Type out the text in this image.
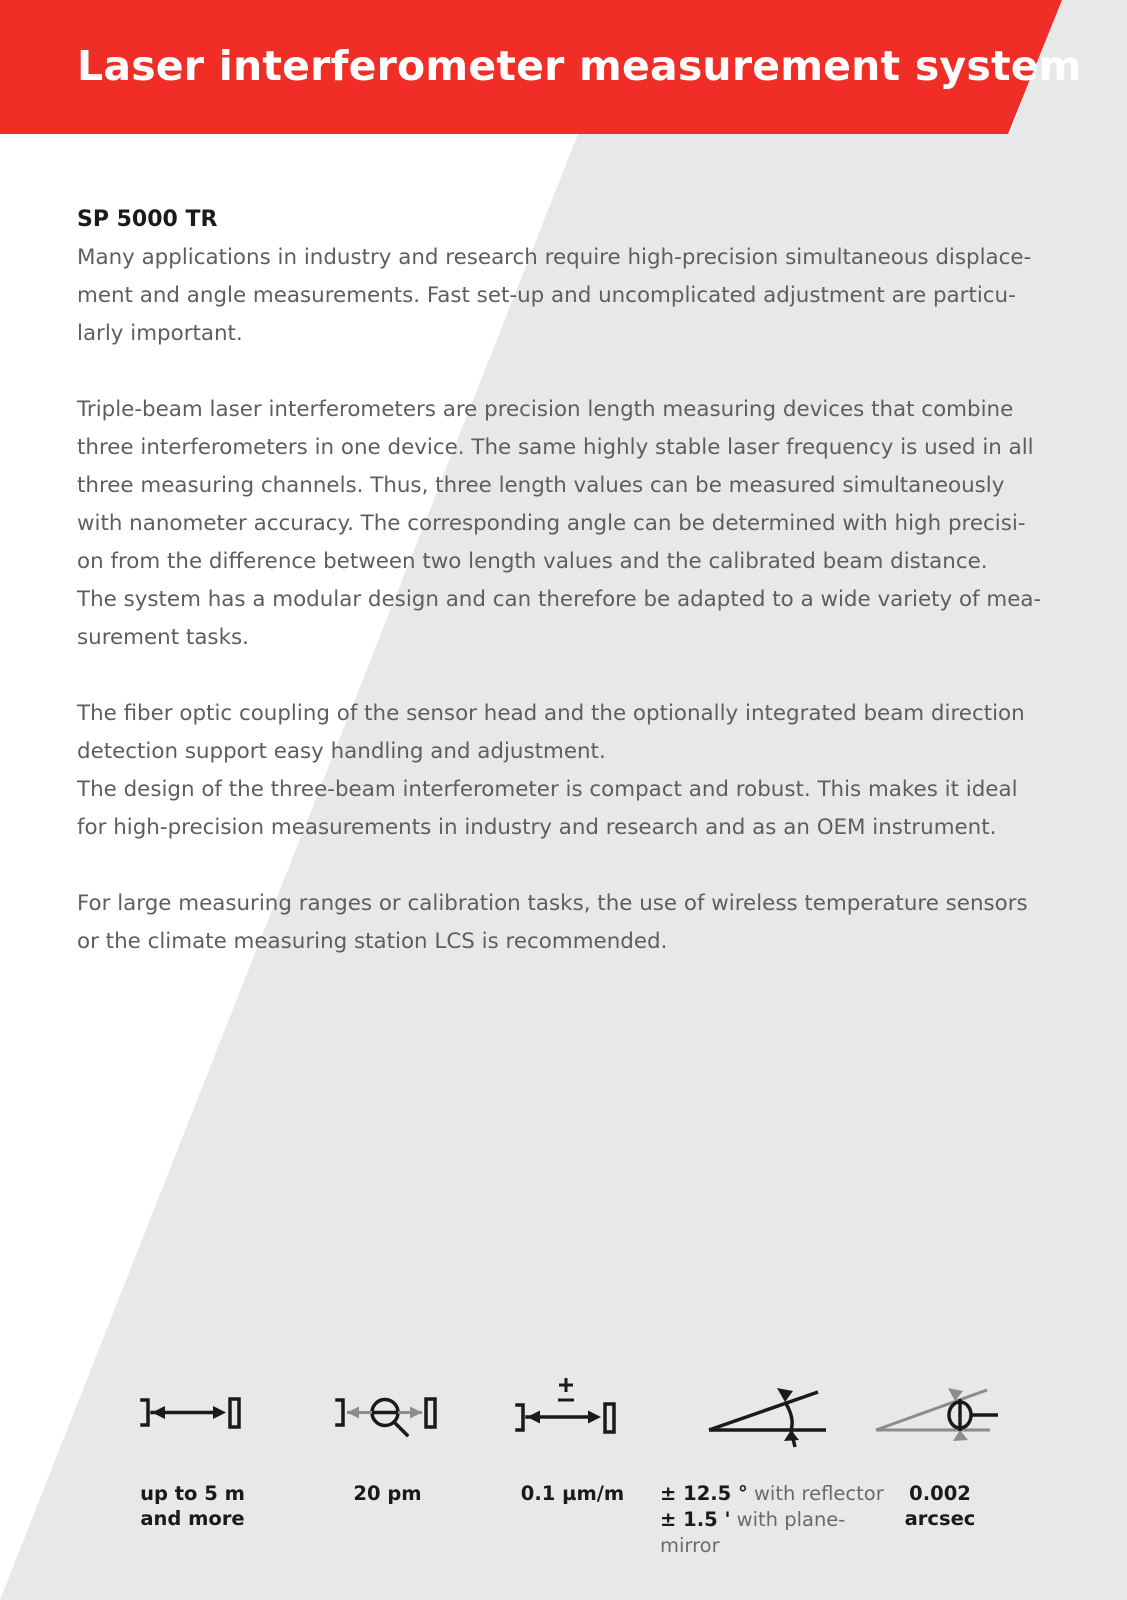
Laser interferometer measurement system
SP 5000 TR

Many applications in industry and research require high-precision simultaneous displace-
ment and angle measurements. Fast set-up and uncomplicated adjustment are particu-
larly important.

Triple-beam laser interferometers are precision length measuring devices that combine
three interferometers in one device. The same highly stable laser frequency is used in all
three measuring channels. Thus, three length values can be measured simultaneously
with nanometer accuracy. The corresponding angle can be determined with high precisi-
on from the difference between two length values and the calibrated beam distance.
The system has a modular design and can therefore be adapted to a wide variety of mea-
surement tasks.

The fiber optic coupling of the sensor head and the optionally integrated beam direction
detection support easy handling and adjustment.
The design of the three-beam interferometer is compact and robust. This makes it ideal
for high-precision measurements in industry and research and as an OEM instrument.

For large measuring ranges or calibration tasks, the use of wireless temperature sensors
or the climate measuring station LCS is recommended.

up to 5 m
and more
20 pm	0.1 µm/m	± 12.5 ° with reflector
± 1.5 ' with plane-
mirror
0.002
arcsec
